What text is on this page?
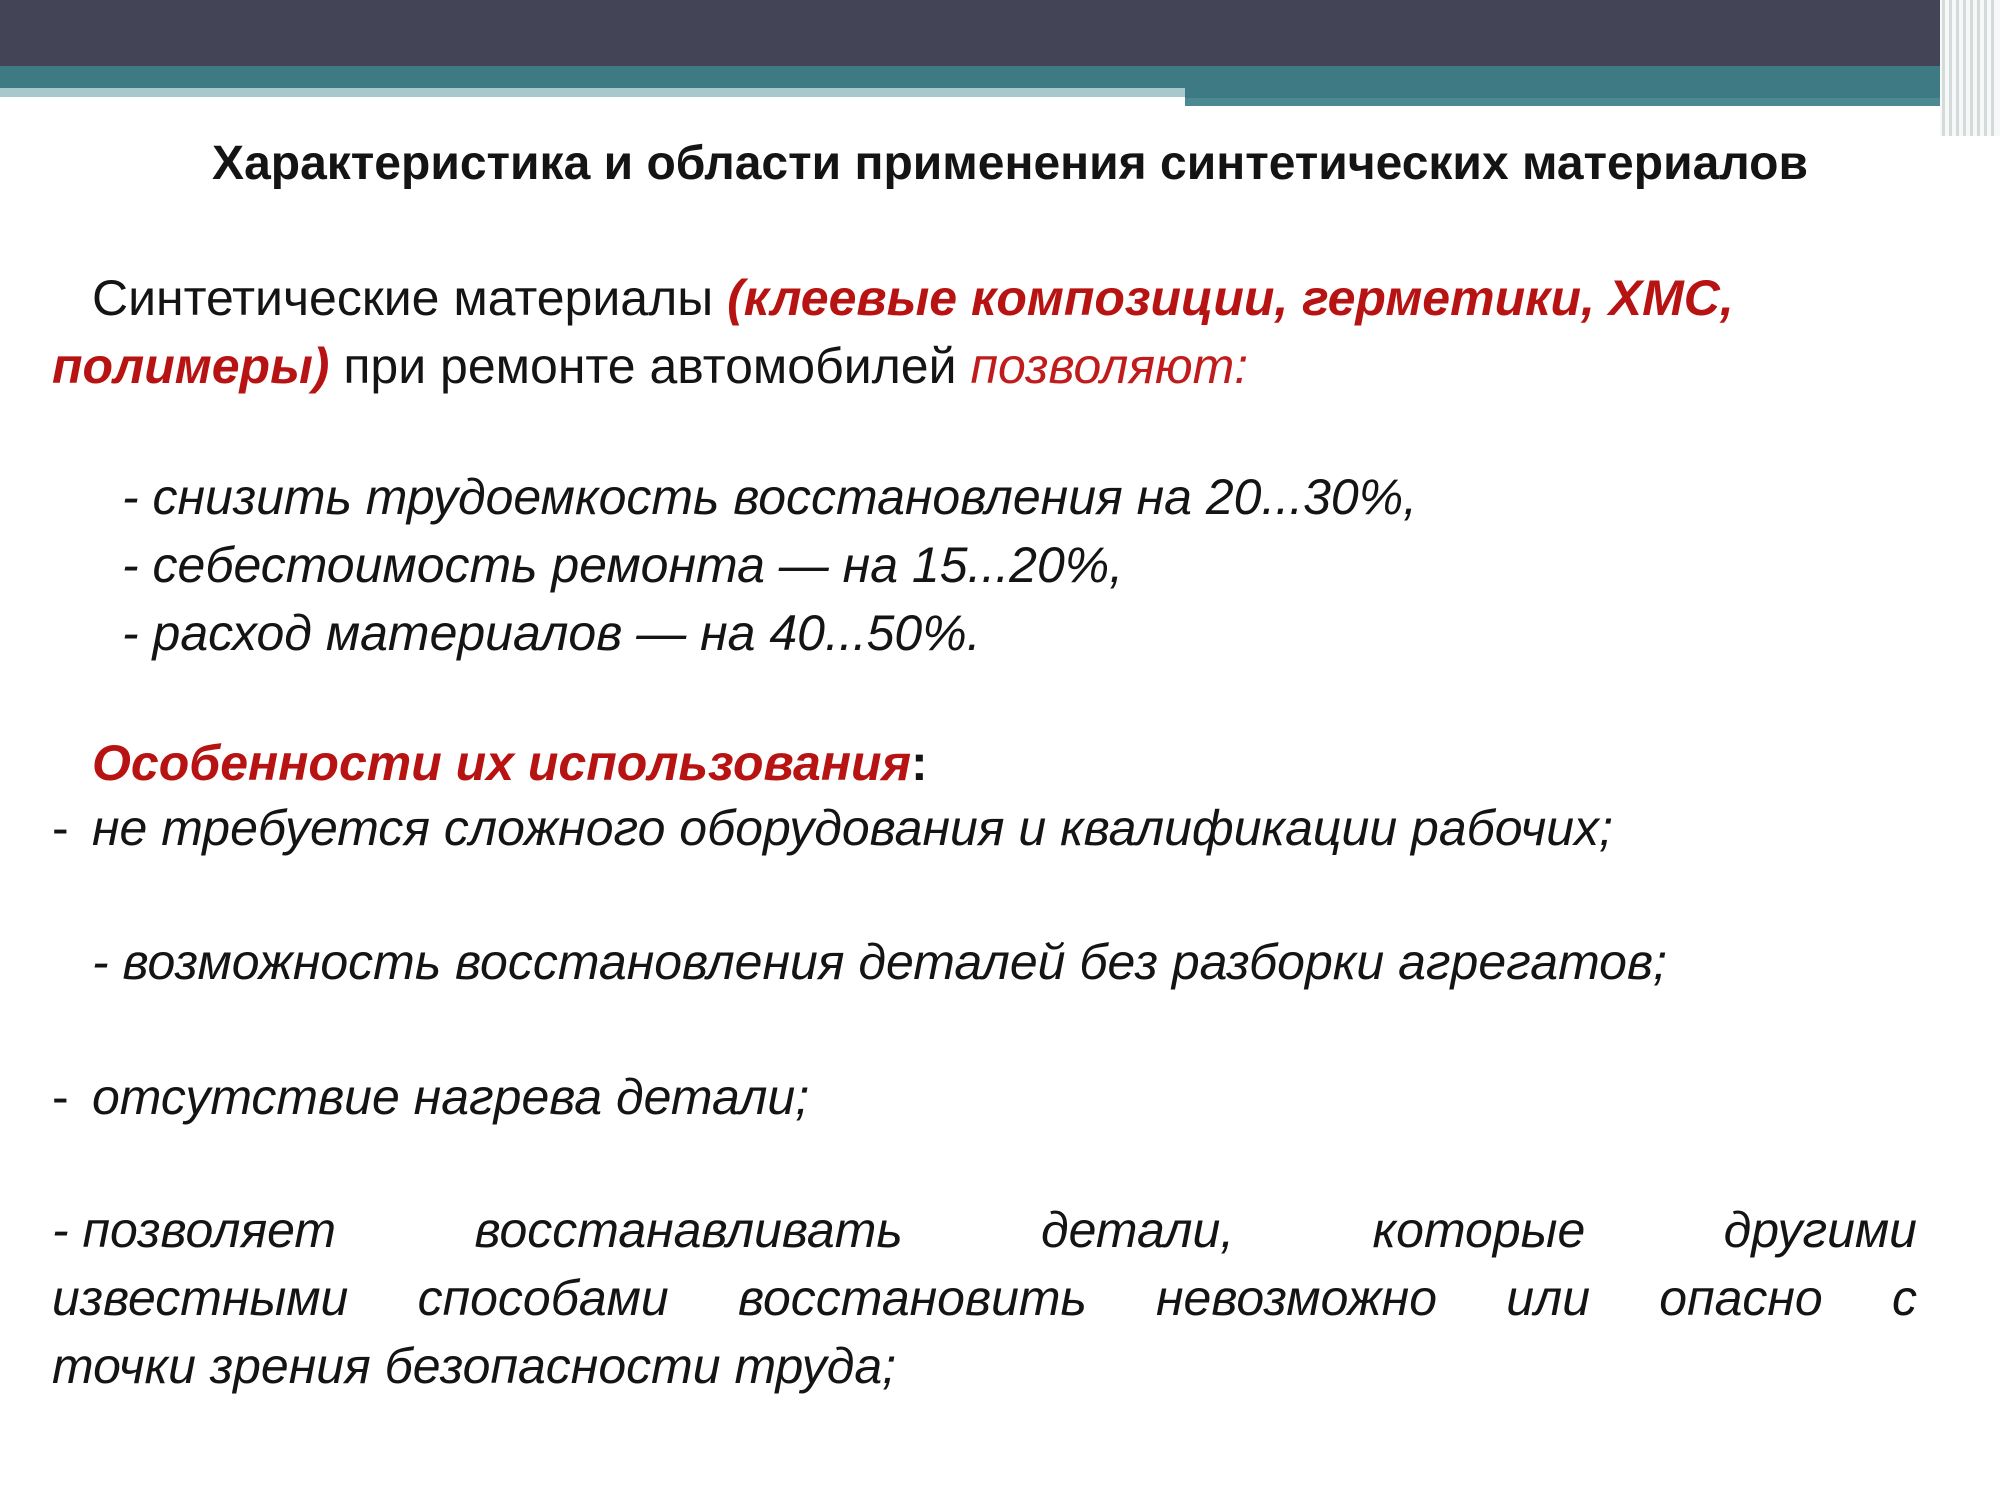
Характеристика и области применения синтетических материалов
Синтетические материалы (клеевые композиции, герметики, ХМС,
полимеры) при ремонте автомобилей позволяют:
- снизить трудоемкость восстановления на 20...30%,
- себестоимость ремонта — на 15...20%,
- расход материалов — на 40...50%.
Особенности их использования:
- не требуется сложного оборудования и квалификации рабочих;
- возможность восстановления деталей без разборки агрегатов;
- отсутствие нагрева детали;
- позволяет	восстанавливать	детали,	которые	другими
известными способами восстановить невозможно или опасно с
точки зрения безопасности труда;
